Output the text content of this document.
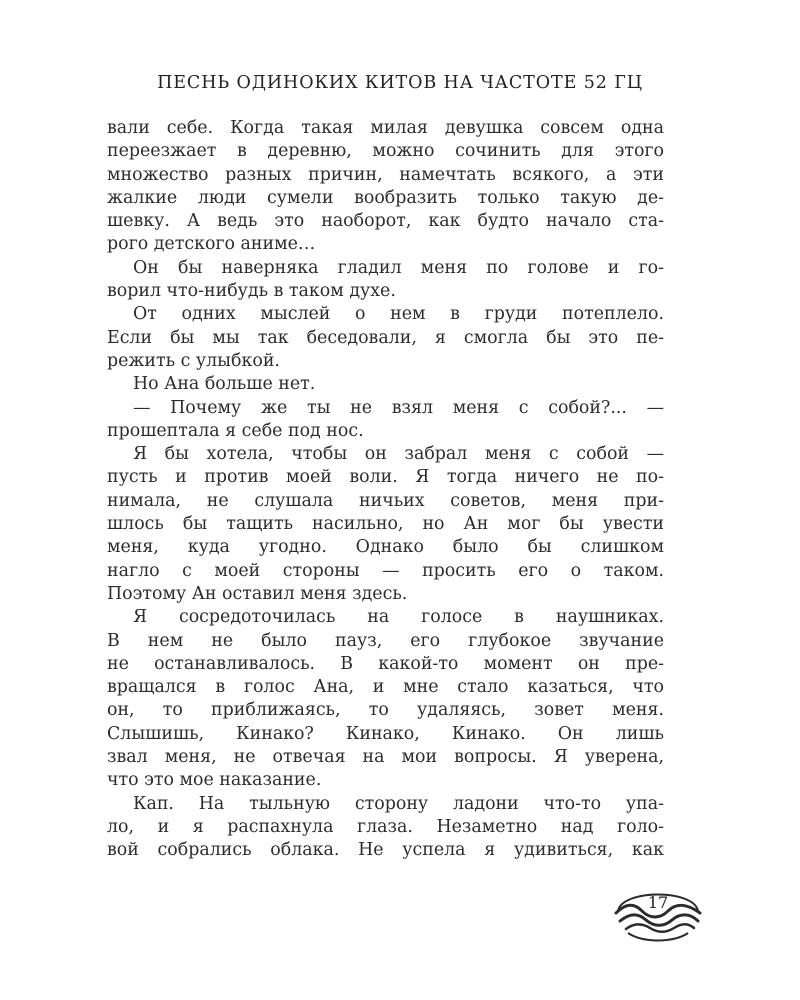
ПЕСНЬ ОДИНОКИХ КИТОВ НА ЧАСТОТЕ 52 ГЦ

вали себе. Когда такая милая девушка совсем одна

переезжает в деревню, можно сочинить для этого

множество разных причин, намечтать всякого, а эти

жалкие люди сумели вообразить только такую де-

шевку. А ведь это наоборот, как будто начало ста-

рого детского аниме…

Он бы наверняка гладил меня по голове и го-

ворил что-нибудь в таком духе.

От одних мыслей о нем в груди потеплело.

Если бы мы так беседовали, я смогла бы это пе-

режить с улыбкой.

Но Ана больше нет.

— Почему же ты не взял меня с собой?... —

прошептала я себе под нос.

Я бы хотела, чтобы он забрал меня с собой —

пусть и против моей воли. Я тогда ничего не по-

нимала, не слушала ничьих советов, меня при-

шлось бы тащить насильно, но Ан мог бы увести

меня, куда угодно. Однако было бы слишком

нагло с моей стороны — просить его о таком.

Поэтому Ан оставил меня здесь.

Я сосредоточилась на голосе в наушниках.

В нем не было пауз, его глубокое звучание

не останавливалось. В какой-то момент он пре-

вращался в голос Ана, и мне стало казаться, что

он, то приближаясь, то удаляясь, зовет меня.

Слышишь, Кинако? Кинако, Кинако. Он лишь

звал меня, не отвечая на мои вопросы. Я уверена,

что это мое наказание.

Кап. На тыльную сторону ладони что-то упа-

ло, и я распахнула глаза. Незаметно над голо-

вой собрались облака. Не успела я удивиться, как

17
